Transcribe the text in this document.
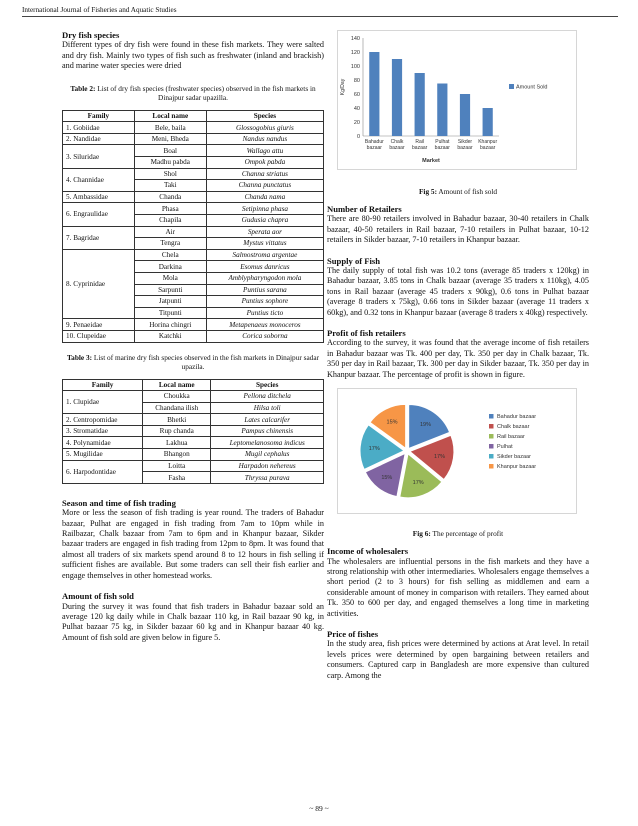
International Journal of Fisheries and Aquatic Studies

Dry fish species

Different types of dry fish were found in these fish markets. They were salted and dry fish. Mainly two types of fish such as freshwater (inland and brackish) and marine water species were dried

Table 2: List of dry fish species (freshwater species) observed in the fish markets in Dinajpur sadar upazilla.

Family	Local name	Species
1. Gobiidae	Bele, baila	Glossogobius giuris
2. Nandidae	Meni, Bheda	Nandus nandus
3. Siluridae	Boal	Wallago attu
	Madhu pabda	Ompok pabda
4. Channidae	Shol	Channa striatus
	Taki	Channa punctatus
5. Ambassidae	Chanda	Chanda nama
6. Engraulidae	Phasa	Setipinna phasa
	Chapila	Gudusia chapra
7. Bagridae	Air	Sperata aor
	Tengra	Mystus vittatus
8. Cyprinidae	Chela	Salmostroma argentae
	Darkina	Esomus danricus
	Mola	Amblypharyngodon mola
	Sarpunti	Puntius sarana
	Jatpunti	Puntius sophore
	Titpunti	Puntius ticto
9. Penaeidae	Horina chingri	Metapenaeus monoceros
10. Clupeidae	Katchki	Corica soborna

Table 3: List of marine dry fish species observed in the fish markets in Dinajpur sadar upazila.

Family	Local name	Species
1. Clupidae	Choukka	Pellona ditchela
	Chandana ilish	Hilsa toli
2. Centropomidae	Bhetki	Lates calcarifer
3. Stromatidae	Rup chanda	Pampus chinensis
4. Polynamidae	Lakhua	Leptomelanosoma indicus
5. Mugilidae	Bhangon	Mugil cephalus
6. Harpodontidae	Loitta	Harpadon nehereus
	Fasha	Thryssa purava

Season and time of fish trading

More or less the season of fish trading is year round. The traders of Bahadur bazaar, Pulhat are engaged in fish trading from 7am to 10pm while in Railbazar, Chalk bazaar from 7am to 6pm and in Khanpur bazaar, Sikder bazaar traders are engaged in fish trading from 12pm to 8pm. It was found that almost all traders of six markets spend around 8 to 12 hours in fish selling if sufficient fishes are available. But some traders can sell their fish earlier and engage themselves in other homestead works.

Amount of fish sold

During the survey it was found that fish traders in Bahadur bazaar sold an average 120 kg daily while in Chalk bazaar 110 kg, in Rail bazaar 90 kg, in Pulhat bazaar 75 kg, in Sikder bazaar 60 kg and in Khanpur bazaar 40 kg. Amount of fish sold are given below in figure 5.

0
20
40
60
80
100
120
140
Kg/Day
Bahadur
bazaar
Chalk
bazaar
Rail
bazaar
Pulhat
bazaar
Sikder
bazaar
Khanpur
bazaar
Market
Amount Sold

Fig 5: Amount of fish sold

Number of Retailers

There are 80-90 retailers involved in Bahadur bazaar, 30-40 retailers in Chalk bazaar, 40-50 retailers in Rail bazaar, 7-10 retailers in Pulhat bazaar, 10-12 retailers in Sikder bazaar, 7-10 retailers in Khanpur bazaar.

Supply of Fish

The daily supply of total fish was 10.2 tons (average 85 traders x 120kg) in Bahadur bazaar, 3.85 tons in Chalk bazaar (average 35 traders x 110kg), 4.05 tons in Rail bazaar (average 45 traders x 90kg), 0.6 tons in Pulhat bazaar (average 8 traders x 75kg), 0.66 tons in Sikder bazaar (average 11 traders x 60kg), and 0.32 tons in Khanpur bazaar (average 8 traders x 40kg) respectively.

Profit of fish retailers

According to the survey, it was found that the average income of fish retailers in Bahadur bazaar was Tk. 400 per day, Tk. 350 per day in Chalk bazaar, Tk. 350 per day in Rail bazaar, Tk. 300 per day in Sikder bazaar, Tk. 350 per day in Khanpur bazaar. The percentage of profit is shown in figure.

19%
17%
17%
15%
17%
15%
Bahadur bazaar
Chalk bazaar
Rail bazaar
Pulhat
Sikder bazaar
Khanpur bazaar

Fig 6: The percentage of profit

Income of wholesalers

The wholesalers are influential persons in the fish markets and they have a strong relationship with other intermediaries. Wholesalers engage themselves a short period (2 to 3 hours) for fish selling as middlemen and earn a considerable amount of money in comparison with retailers. They earned about Tk. 350 to 600 per day, and engaged themselves a long time in marketing activities.

Price of fishes

In the study area, fish prices were determined by actions at Arat level. In retail levels prices were determined by open bargaining between retailers and consumers. Captured carp in Bangladesh are more expensive than cultured carp. Among the

~ 89 ~
